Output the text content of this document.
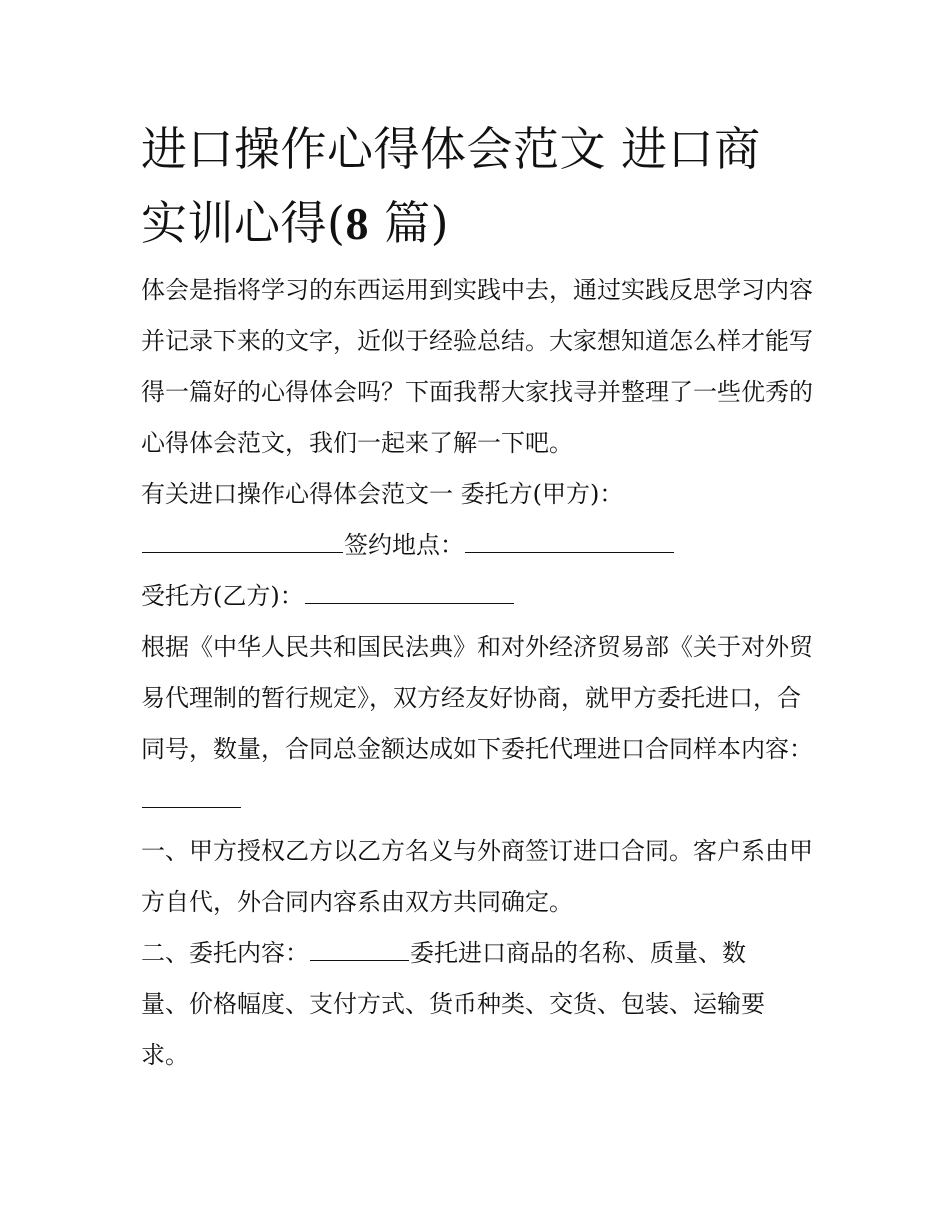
进口操作心得体会范文 进口商
实训心得(8 篇)

体会是指将学习的东西运用到实践中去，通过实践反思学习内容并记录下来的文字，近似于经验总结。大家想知道怎么样才能写得一篇好的心得体会吗？下面我帮大家找寻并整理了一些优秀的心得体会范文，我们一起来了解一下吧。

有关进口操作心得体会范文一 委托方(甲方)：

签约地点：

受托方(乙方)：

根据《中华人民共和国民法典》和对外经济贸易部《关于对外贸易代理制的暂行规定》，双方经友好协商，就甲方委托进口，合同号，数量，合同总金额达成如下委托代理进口合同样本内容：

一、甲方授权乙方以乙方名义与外商签订进口合同。客户系由甲方自代，外合同内容系由双方共同确定。

二、委托内容：	委托进口商品的名称、质量、数
量、价格幅度、支付方式、货币种类、交货、包装、运输要
求。
